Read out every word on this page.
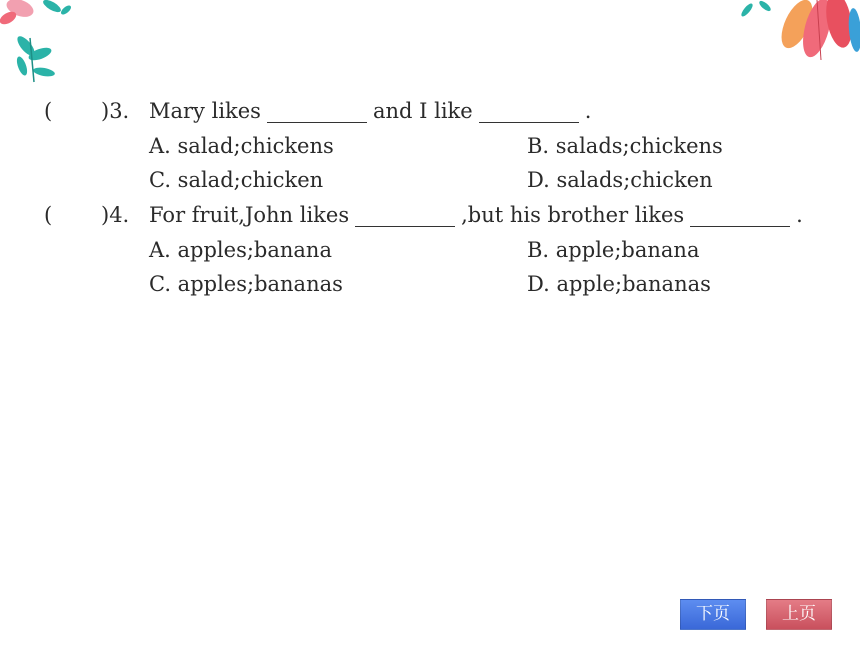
( )3. Mary likes	and I like	.
A. salad;chickens	B. salads;chickens
C. salad;chicken	D. salads;chicken
( )4. For fruit,John likes	,but his brother likes	.
A. apples;banana	B. apple;banana
C. apples;bananas	D. apple;bananas
下页	上页
